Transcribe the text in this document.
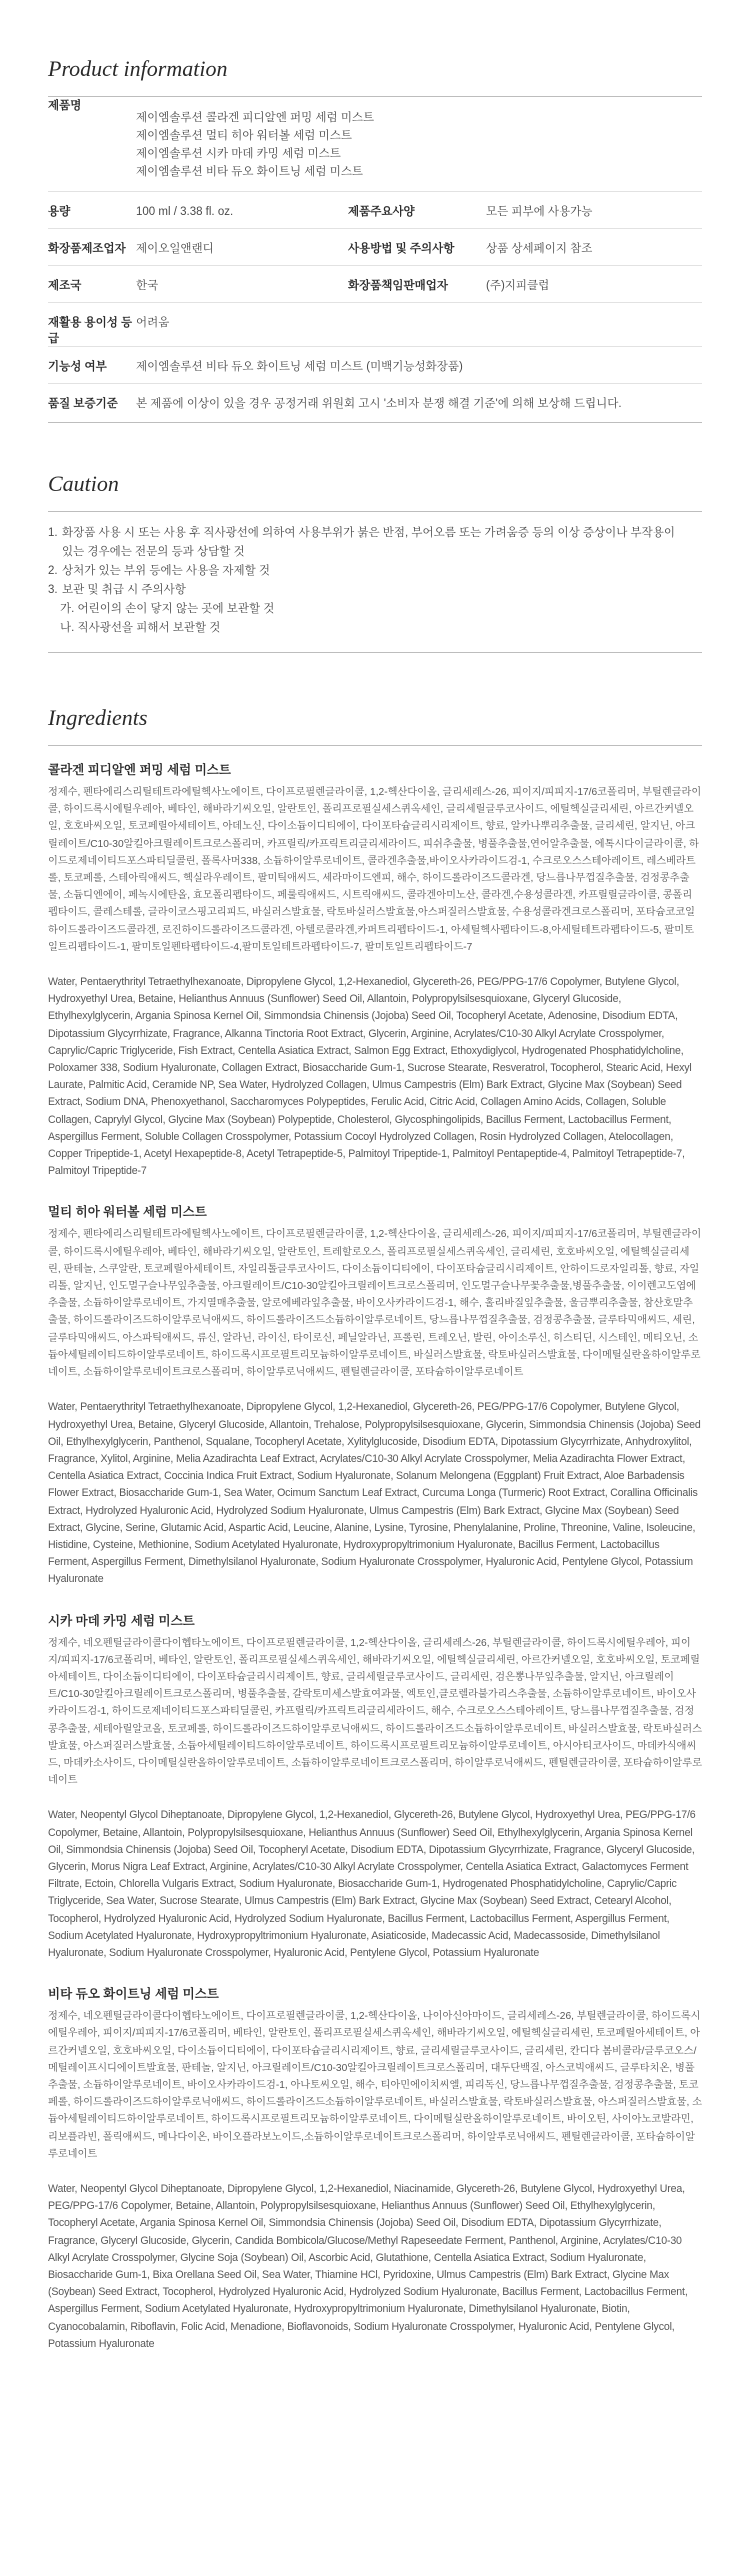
Product information
제품명	제이엠솔루션 콜라겐 피디알엔 퍼밍 세럼 미스트
제이엠솔루션 멀티 히아 워터볼 세럼 미스트
제이엠솔루션 시카 마데 카밍 세럼 미스트
제이엠솔루션 비타 듀오 화이트닝 세럼 미스트		

용량	100 ml / 3.38 fl. oz.	제품주요사양	모든 피부에 사용가능

화장품제조업자	제이오일앤랜디	사용방법 및 주의사항	상품 상세페이지 참조

제조국	한국	화장품책임판매업자	(주)지피클럽

재활용 용이성 등급	어려움		

기능성 여부	제이엠솔루션 비타 듀오 화이트닝 세럼 미스트 (미백기능성화장품)		

품질 보증기준	본 제품에 이상이 있을 경우 공정거래 위원회 고시 '소비자 분쟁 해결 기준'에 의해 보상해 드립니다.		
Caution
1. 화장품 사용 시 또는 사용 후 직사광선에 의하여 사용부위가 붉은 반점, 부어오름 또는 가려움증 등의 이상 증상이나 부작용이
있는 경우에는 전문의 등과 상담할 것
2. 상처가 있는 부위 등에는 사용을 자제할 것
3. 보관 및 취급 시 주의사항
가. 어린이의 손이 닿지 않는 곳에 보관할 것
나. 직사광선을 피해서 보관할 것
Ingredients
콜라겐 피디알엔 퍼밍 세럼 미스트

정제수, 펜타에리스리틸테트라에틸헥사노에이트, 다이프로필렌글라이콜, 1,2-헥산다이올, 글리세레스-26, 피이지/피피지-17/6코폴리머, 부틸렌글라이콜, 하이드록시에틸우레아, 베타인, 해바라기씨오일, 알란토인, 폴리프로필실세스퀴옥세인, 글리세릴글루코사이드, 에틸헥실글리세린, 아르간커넬오일, 호호바씨오일, 토코페릴아세테이트, 아데노신, 다이소듐이디티에이, 다이포타슘글리시리제이트, 향료, 알카나뿌리추출물, 글리세린, 알지닌, 아크릴레이트/C10-30알킬아크릴레이트크로스폴리머, 카프릴릭/카프릭트리글리세라이드, 피쉬추출물, 병풀추출물,연어알추출물, 에톡시다이글라이콜, 하이드로제네이티드포스파티딜콜린, 폴록사머338, 소듐하이알루로네이트, 콜라겐추출물,바이오사카라이드검-1, 수크로오스스테아레이트, 레스베라트롤, 토코페롤, 스테아릭애씨드, 헥실라우레이트, 팔미틱애씨드, 세라마이드엔피, 해수, 하이드롤라이즈드콜라겐, 당느릅나무껍질추출물, 검정콩추출물, 소듐디엔에이, 페녹시에탄올, 효모폴리펩타이드, 페룰릭애씨드, 시트릭애씨드, 콜라겐아미노산, 콜라겐,수용성콜라겐, 카프릴릴글라이콜, 콩폴리펩타이드, 콜레스테롤, 글라이코스핑고리피드, 바실러스발효물, 락토바실러스발효물,아스퍼질러스발효물, 수용성콜라겐크로스폴리머, 포타슘코코일하이드롤라이즈드콜라겐, 로진하이드롤라이즈드콜라겐, 아텔로콜라겐,카퍼트리펩타이드-1, 아세틸헥사펩타이드-8,아세틸테트라펩타이드-5, 팔미토일트리펩타이드-1, 팔미토일펜타펩타이드-4,팔미토일테트라펩타이드-7, 팔미토일트리펩타이드-7

Water, Pentaerythrityl Tetraethylhexanoate, Dipropylene Glycol, 1,2-Hexanediol, Glycereth-26, PEG/PPG-17/6 Copolymer, Butylene Glycol, Hydroxyethyl Urea, Betaine, Helianthus Annuus (Sunflower) Seed Oil, Allantoin, Polypropylsilsesquioxane, Glyceryl Glucoside, Ethylhexylglycerin, Argania Spinosa Kernel Oil, Simmondsia Chinensis (Jojoba) Seed Oil, Tocopheryl Acetate, Adenosine, Disodium EDTA, Dipotassium Glycyrrhizate, Fragrance, Alkanna Tinctoria Root Extract, Glycerin, Arginine, Acrylates/C10-30 Alkyl Acrylate Crosspolymer, Caprylic/Capric Triglyceride, Fish Extract, Centella Asiatica Extract, Salmon Egg Extract, Ethoxydiglycol, Hydrogenated Phosphatidylcholine, Poloxamer 338, Sodium Hyaluronate, Collagen Extract, Biosaccharide Gum-1, Sucrose Stearate, Resveratrol, Tocopherol, Stearic Acid, Hexyl Laurate, Palmitic Acid, Ceramide NP, Sea Water, Hydrolyzed Collagen, Ulmus Campestris (Elm) Bark Extract, Glycine Max (Soybean) Seed Extract, Sodium DNA, Phenoxyethanol, Saccharomyces Polypeptides, Ferulic Acid, Citric Acid, Collagen Amino Acids, Collagen, Soluble Collagen, Caprylyl Glycol, Glycine Max (Soybean) Polypeptide, Cholesterol, Glycosphingolipids, Bacillus Ferment, Lactobacillus Ferment, Aspergillus Ferment, Soluble Collagen Crosspolymer, Potassium Cocoyl Hydrolyzed Collagen, Rosin Hydrolyzed Collagen, Atelocollagen, Copper Tripeptide-1, Acetyl Hexapeptide-8, Acetyl Tetrapeptide-5, Palmitoyl Tripeptide-1, Palmitoyl Pentapeptide-4, Palmitoyl Tetrapeptide-7, Palmitoyl Tripeptide-7

멀티 히아 워터볼 세럼 미스트

정제수, 펜타에리스리틸테트라에틸헥사노에이트, 다이프로필렌글라이콜, 1,2-헥산다이올, 글리세레스-26, 피이지/피피지-17/6코폴리머, 부틸렌글라이콜, 하이드록시에틸우레아, 베타인, 해바라기씨오일, 알란토인, 트레할로오스, 폴리프로필실세스퀴옥세인, 글리세린, 호호바씨오일, 에틸헥실글리세린, 판테놀, 스쿠알란, 토코페릴아세테이트, 자일리톨글루코사이드, 다이소듐이디티에이, 다이포타슘글리시리제이트, 안하이드로자일리톨, 향료, 자일리톨, 알지닌, 인도멀구슬나무잎추출물, 아크릴레이트/C10-30알킬아크릴레이트크로스폴리머, 인도멀구슬나무꽃추출물,병풀추출물, 이이렌고도엽에추출물, 소듐하이알루로네이트, 가지열매추출물, 알로에베라잎추출물, 바이오사카라이드검-1, 해수, 홀리바질잎추출물, 울금뿌리추출물, 참산호말추출물, 하이드롤라이즈드하이알루로닉애씨드, 하이드롤라이즈드소듐하이알루로네이트, 당느릅나무껍질추출물, 검정콩추출물, 글루타믹애씨드, 세린, 글루타믹애씨드, 아스파틱애씨드, 류신, 알라닌, 라이신, 타이로신, 페닐알라닌, 프롤린, 트레오닌, 발린, 아이소루신, 히스티딘, 시스테인, 메티오닌, 소듐아세틸레이티드하이알루로네이트, 하이드록시프로필트리모늄하이알루로네이트, 바실러스발효물, 락토바실러스발효물, 다이메틸실란올하이알루로네이트, 소듐하이알루로네이트크로스폴리머, 하이알루로닉애씨드, 펜틸렌글라이콜, 포타슘하이알루로네이트

Water, Pentaerythrityl Tetraethylhexanoate, Dipropylene Glycol, 1,2-Hexanediol, Glycereth-26, PEG/PPG-17/6 Copolymer, Butylene Glycol, Hydroxyethyl Urea, Betaine, Glyceryl Glucoside, Allantoin, Trehalose, Polypropylsilsesquioxane, Glycerin, Simmondsia Chinensis (Jojoba) Seed Oil, Ethylhexylglycerin, Panthenol, Squalane, Tocopheryl Acetate, Xylitylglucoside, Disodium EDTA, Dipotassium Glycyrrhizate, Anhydroxylitol, Fragrance, Xylitol, Arginine, Melia Azadirachta Leaf Extract, Acrylates/C10-30 Alkyl Acrylate Crosspolymer, Melia Azadirachta Flower Extract, Centella Asiatica Extract, Coccinia Indica Fruit Extract, Sodium Hyaluronate, Solanum Melongena (Eggplant) Fruit Extract, Aloe Barbadensis Flower Extract, Biosaccharide Gum-1, Sea Water, Ocimum Sanctum Leaf Extract, Curcuma Longa (Turmeric) Root Extract, Corallina Officinalis Extract, Hydrolyzed Hyaluronic Acid, Hydrolyzed Sodium Hyaluronate, Ulmus Campestris (Elm) Bark Extract, Glycine Max (Soybean) Seed Extract, Glycine, Serine, Glutamic Acid, Aspartic Acid, Leucine, Alanine, Lysine, Tyrosine, Phenylalanine, Proline, Threonine, Valine, Isoleucine, Histidine, Cysteine, Methionine, Sodium Acetylated Hyaluronate, Hydroxypropyltrimonium Hyaluronate, Bacillus Ferment, Lactobacillus Ferment, Aspergillus Ferment, Dimethylsilanol Hyaluronate, Sodium Hyaluronate Crosspolymer, Hyaluronic Acid, Pentylene Glycol, Potassium Hyaluronate

시카 마데 카밍 세럼 미스트

정제수, 네오펜틸글라이콜다이헵타노에이트, 다이프로필렌글라이콜, 1,2-헥산다이올, 글리세레스-26, 부틸렌글라이콜, 하이드록시에틸우레아, 피이지/피피지-17/6코폴리머, 베타인, 알란토인, 폴리프로필실세스퀴옥세인, 해바라기씨오일, 에틸헥실글리세린, 아르간커넬오일, 호호바씨오일, 토코페릴아세테이트, 다이소듐이디티에이, 다이포타슘글리시리제이트, 향료, 글리세릴글루코사이드, 글리세린, 검은뽕나무잎추출물, 알지닌, 아크릴레이트/C10-30알킬아크릴레이트크로스폴리머, 병풀추출물, 갈락토미세스발효여과물, 엑토인,클로렐라불가리스추출물, 소듐하이알루로네이트, 바이오사카라이드검-1, 하이드로제네이티드포스파티딜콜린, 카프릴릭/카프릭트리글리세라이드, 해수, 수크로오스스테아레이트, 당느릅나무껍질추출물, 검정콩추출물, 세테아릴알코올, 토코페롤, 하이드롤라이즈드하이알루로닉애씨드, 하이드롤라이즈드소듐하이알루로네이트, 바실러스발효물, 락토바실러스발효물, 아스퍼질러스발효물, 소듐아세틸레이티드하이알루로네이트, 하이드록시프로필트리모늄하이알루로네이트, 아시아티코사이드, 마데카식애씨드, 마데카소사이드, 다이메틸실란올하이알루로네이트, 소듐하이알루로네이트크로스폴리머, 하이알루로닉애씨드, 펜틸렌글라이콜, 포타슘하이알루로네이트

Water, Neopentyl Glycol Diheptanoate, Dipropylene Glycol, 1,2-Hexanediol, Glycereth-26, Butylene Glycol, Hydroxyethyl Urea, PEG/PPG-17/6 Copolymer, Betaine, Allantoin, Polypropylsilsesquioxane, Helianthus Annuus (Sunflower) Seed Oil, Ethylhexylglycerin, Argania Spinosa Kernel Oil, Simmondsia Chinensis (Jojoba) Seed Oil, Tocopheryl Acetate, Disodium EDTA, Dipotassium Glycyrrhizate, Fragrance, Glyceryl Glucoside, Glycerin, Morus Nigra Leaf Extract, Arginine, Acrylates/C10-30 Alkyl Acrylate Crosspolymer, Centella Asiatica Extract, Galactomyces Ferment Filtrate, Ectoin, Chlorella Vulgaris Extract, Sodium Hyaluronate, Biosaccharide Gum-1, Hydrogenated Phosphatidylcholine, Caprylic/Capric Triglyceride, Sea Water, Sucrose Stearate, Ulmus Campestris (Elm) Bark Extract, Glycine Max (Soybean) Seed Extract, Cetearyl Alcohol, Tocopherol, Hydrolyzed Hyaluronic Acid, Hydrolyzed Sodium Hyaluronate, Bacillus Ferment, Lactobacillus Ferment, Aspergillus Ferment, Sodium Acetylated Hyaluronate, Hydroxypropyltrimonium Hyaluronate, Asiaticoside, Madecassic Acid, Madecassoside, Dimethylsilanol Hyaluronate, Sodium Hyaluronate Crosspolymer, Hyaluronic Acid, Pentylene Glycol, Potassium Hyaluronate

비타 듀오 화이트닝 세럼 미스트

정제수, 네오펜틸글라이콜다이헵타노에이트, 다이프로필렌글라이콜, 1,2-헥산다이올, 나이아신아마이드, 글리세레스-26, 부틸렌글라이콜, 하이드록시에틸우레아, 피이지/피피지-17/6코폴리머, 베타인, 알란토인, 폴리프로필실세스퀴옥세인, 해바라기씨오일, 에틸헥실글리세린, 토코페릴아세테이트, 아르간커넬오일, 호호바씨오일, 다이소듐이디티에이, 다이포타슘글리시리제이트, 향료, 글리세릴글루코사이드, 글리세린, 칸디다 봄비콜라/글루코오스/메틸레이프시디에이트발효물, 판테놀, 알지닌, 아크릴레이트/C10-30알킬아크릴레이트크로스폴리머, 대두단백질, 아스코빅애씨드, 글루타치온, 병풀추출물, 소듐하이알루로네이트, 바이오사카라이드검-1, 아나토씨오일, 해수, 티아민에이치씨엘, 피리독신, 당느릅나무껍질추출물, 검정콩추출물, 토코페롤, 하이드롤라이즈드하이알루로닉애씨드, 하이드롤라이즈드소듐하이알루로네이트, 바실러스발효물, 락토바실러스발효물, 아스퍼질러스발효물, 소듐아세틸레이티드하이알루로네이트, 하이드록시프로필트리모늄하이알루로네이트, 다이메틸실란올하이알루로네이트, 바이오틴, 사이아노코발라민, 리보플라빈, 폴릭애씨드, 메나다이온, 바이오플라보노이드,소듐하이알루로네이트크로스폴리머, 하이알루로닉애씨드, 펜틸렌글라이콜, 포타슘하이알루로네이트

Water, Neopentyl Glycol Diheptanoate, Dipropylene Glycol, 1,2-Hexanediol, Niacinamide, Glycereth-26, Butylene Glycol, Hydroxyethyl Urea, PEG/PPG-17/6 Copolymer, Betaine, Allantoin, Polypropylsilsesquioxane, Helianthus Annuus (Sunflower) Seed Oil, Ethylhexylglycerin, Tocopheryl Acetate, Argania Spinosa Kernel Oil, Simmondsia Chinensis (Jojoba) Seed Oil, Disodium EDTA, Dipotassium Glycyrrhizate, Fragrance, Glyceryl Glucoside, Glycerin, Candida Bombicola/Glucose/Methyl Rapeseedate Ferment, Panthenol, Arginine, Acrylates/C10-30 Alkyl Acrylate Crosspolymer, Glycine Soja (Soybean) Oil, Ascorbic Acid, Glutathione, Centella Asiatica Extract, Sodium Hyaluronate, Biosaccharide Gum-1, Bixa Orellana Seed Oil, Sea Water, Thiamine HCl, Pyridoxine, Ulmus Campestris (Elm) Bark Extract, Glycine Max (Soybean) Seed Extract, Tocopherol, Hydrolyzed Hyaluronic Acid, Hydrolyzed Sodium Hyaluronate, Bacillus Ferment, Lactobacillus Ferment, Aspergillus Ferment, Sodium Acetylated Hyaluronate, Hydroxypropyltrimonium Hyaluronate, Dimethylsilanol Hyaluronate, Biotin, Cyanocobalamin, Riboflavin, Folic Acid, Menadione, Bioflavonoids, Sodium Hyaluronate Crosspolymer, Hyaluronic Acid, Pentylene Glycol, Potassium Hyaluronate
